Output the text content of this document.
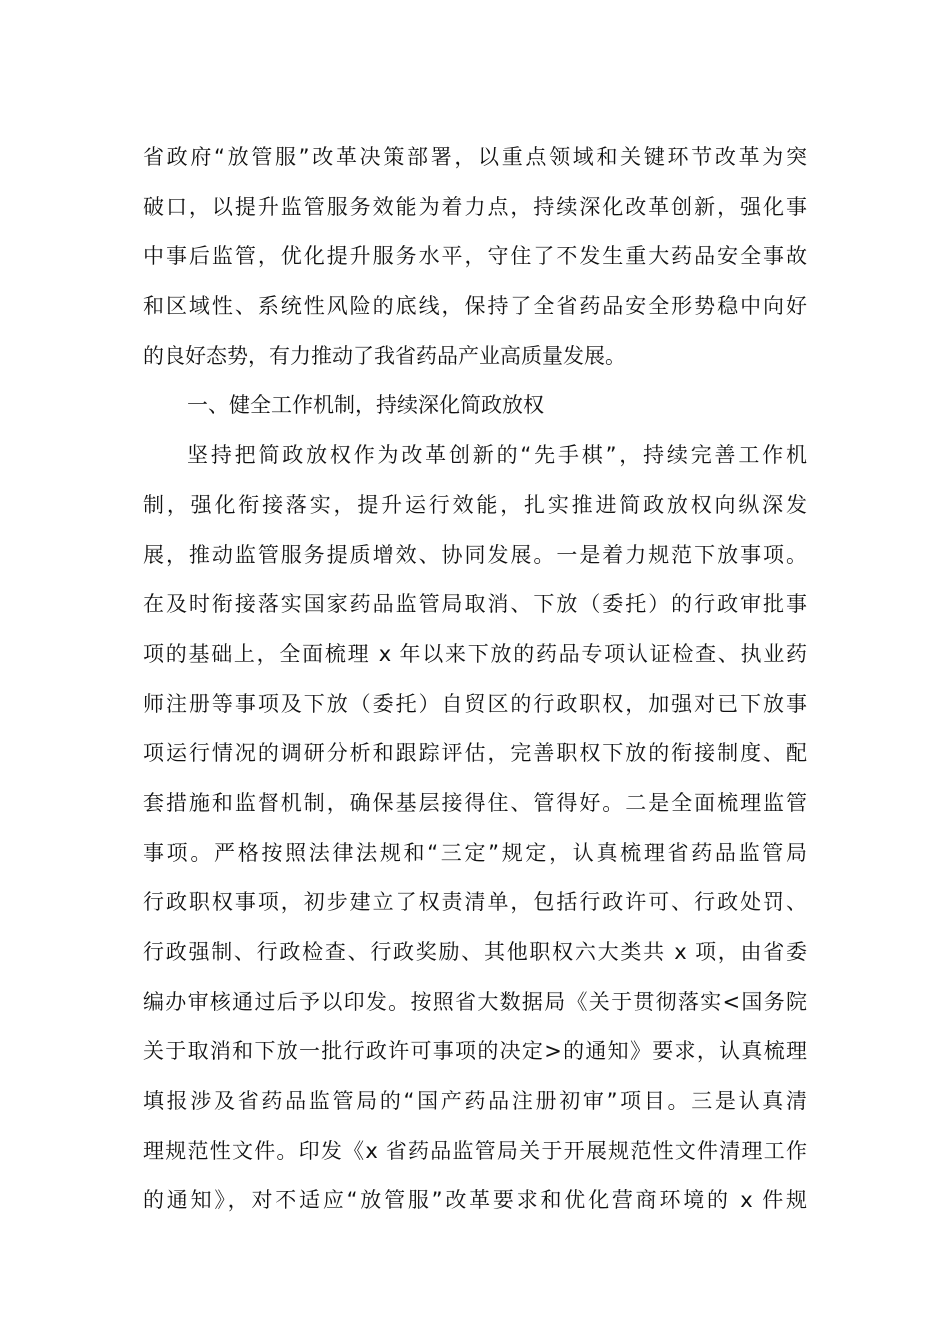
省政府“放管服”改革决策部署，以重点领域和关键环节改革为突
破口，以提升监管服务效能为着力点，持续深化改革创新，强化事
中事后监管，优化提升服务水平，守住了不发生重大药品安全事故
和区域性、系统性风险的底线，保持了全省药品安全形势稳中向好
的良好态势，有力推动了我省药品产业高质量发展。
一、健全工作机制，持续深化简政放权
坚持把简政放权作为改革创新的“先手棋”，持续完善工作机
制，强化衔接落实，提升运行效能，扎实推进简政放权向纵深发
展，推动监管服务提质增效、协同发展。一是着力规范下放事项。
在及时衔接落实国家药品监管局取消、下放（委托）的行政审批事
项的基础上，全面梳理 x 年以来下放的药品专项认证检查、执业药
师注册等事项及下放（委托）自贸区的行政职权，加强对已下放事
项运行情况的调研分析和跟踪评估，完善职权下放的衔接制度、配
套措施和监督机制，确保基层接得住、管得好。二是全面梳理监管
事项。严格按照法律法规和“三定”规定，认真梳理省药品监管局
行政职权事项，初步建立了权责清单，包括行政许可、行政处罚、
行政强制、行政检查、行政奖励、其他职权六大类共 x 项，由省委
编办审核通过后予以印发。按照省大数据局《关于贯彻落实<国务院
关于取消和下放一批行政许可事项的决定>的通知》要求，认真梳理
填报涉及省药品监管局的“国产药品注册初审”项目。三是认真清
理规范性文件。印发《x 省药品监管局关于开展规范性文件清理工作
的通知》，对不适应“放管服”改革要求和优化营商环境的 x 件规
